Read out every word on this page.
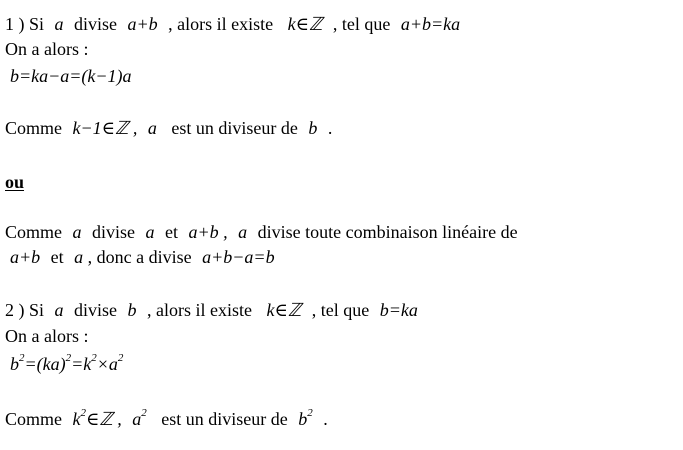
1 ) Si a divise a+b , alors il existe k∈ℤ , tel que a+b=ka
On a alors :
b=ka−a=(k−1)a
Comme k−1∈ℤ , a est un diviseur de b .
ou
Comme a divise a et a+b , a divise toute combinaison linéaire de
a+b et a , donc a divise a+b−a=b
2 ) Si a divise b , alors il existe k∈ℤ , tel que b=ka
On a alors :
$b^2=(ka)^2=k^2\times a^2$
Comme $k^2\in ℤ$ , $a^2$ est un diviseur de $b^2$ .
